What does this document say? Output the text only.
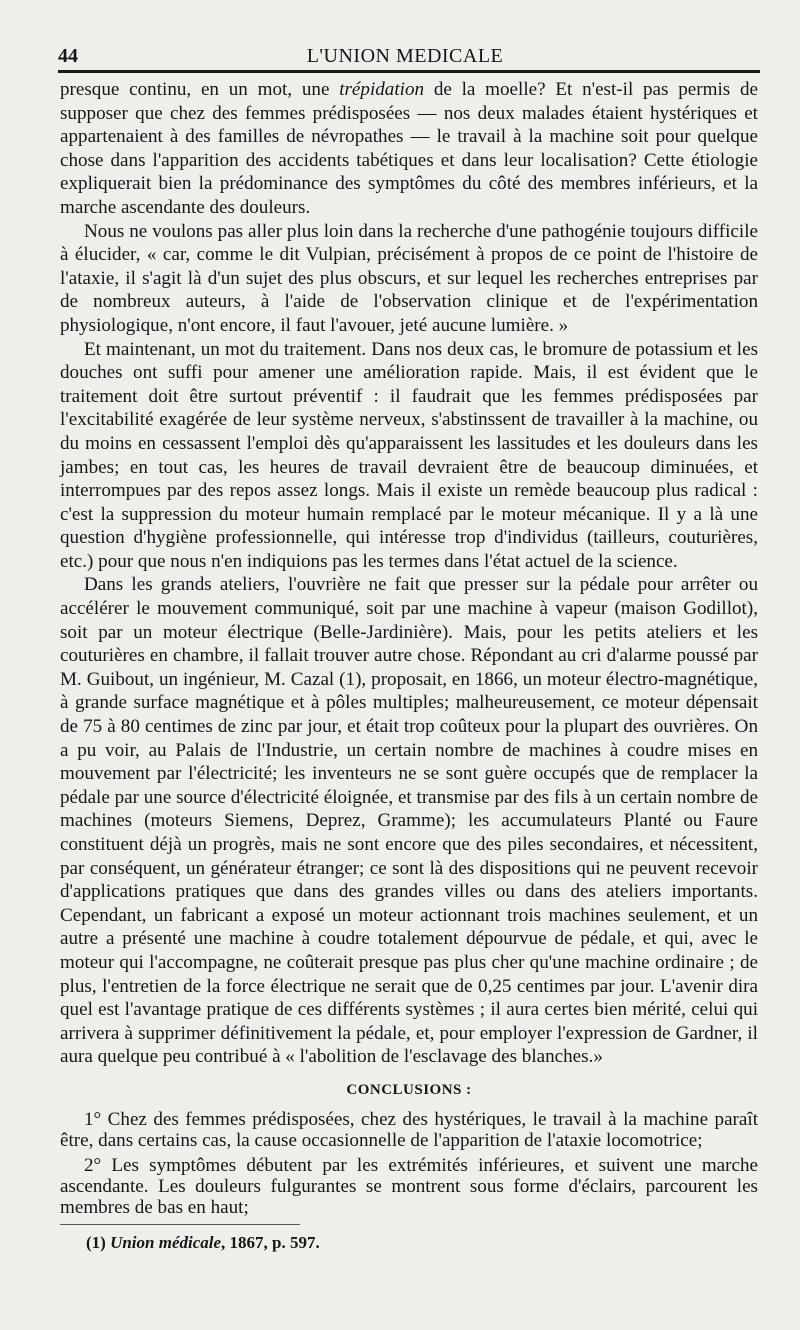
44	L'UNION MEDICALE

presque continu, en un mot, une trépidation de la moelle? Et n'est-il pas permis de supposer que chez des femmes prédisposées — nos deux malades étaient hystériques et appartenaient à des familles de névropathes — le travail à la machine soit pour quelque chose dans l'apparition des accidents tabétiques et dans leur localisation? Cette étiologie expliquerait bien la prédominance des symptômes du côté des membres inférieurs, et la marche ascendante des douleurs.

Nous ne voulons pas aller plus loin dans la recherche d'une pathogénie toujours difficile à élucider, « car, comme le dit Vulpian, précisément à propos de ce point de l'histoire de l'ataxie, il s'agit là d'un sujet des plus obscurs, et sur lequel les recherches entreprises par de nombreux auteurs, à l'aide de l'observation clinique et de l'expérimentation physiologique, n'ont encore, il faut l'avouer, jeté aucune lumière. »

Et maintenant, un mot du traitement. Dans nos deux cas, le bromure de potassium et les douches ont suffi pour amener une amélioration rapide. Mais, il est évident que le traitement doit être surtout préventif : il faudrait que les femmes prédisposées par l'excitabilité exagérée de leur système nerveux, s'abstinssent de travailler à la machine, ou du moins en cessassent l'emploi dès qu'apparaissent les lassitudes et les douleurs dans les jambes; en tout cas, les heures de travail devraient être de beaucoup diminuées, et interrompues par des repos assez longs. Mais il existe un remède beaucoup plus radical : c'est la suppression du moteur humain remplacé par le moteur mécanique. Il y a là une question d'hygiène professionnelle, qui intéresse trop d'individus (tailleurs, couturières, etc.) pour que nous n'en indiquions pas les termes dans l'état actuel de la science.

Dans les grands ateliers, l'ouvrière ne fait que presser sur la pédale pour arrêter ou accélérer le mouvement communiqué, soit par une machine à vapeur (maison Godillot), soit par un moteur électrique (Belle-Jardinière). Mais, pour les petits ateliers et les couturières en chambre, il fallait trouver autre chose. Répondant au cri d'alarme poussé par M. Guibout, un ingénieur, M. Cazal (1), proposait, en 1866, un moteur électro-magnétique, à grande surface magnétique et à pôles multiples; malheureusement, ce moteur dépensait de 75 à 80 centimes de zinc par jour, et était trop coûteux pour la plupart des ouvrières. On a pu voir, au Palais de l'Industrie, un certain nombre de machines à coudre mises en mouvement par l'électricité; les inventeurs ne se sont guère occupés que de remplacer la pédale par une source d'électricité éloignée, et transmise par des fils à un certain nombre de machines (moteurs Siemens, Deprez, Gramme); les accumulateurs Planté ou Faure constituent déjà un progrès, mais ne sont encore que des piles secondaires, et nécessitent, par conséquent, un générateur étranger; ce sont là des dispositions qui ne peuvent recevoir d'applications pratiques que dans des grandes villes ou dans des ateliers importants. Cependant, un fabricant a exposé un moteur actionnant trois machines seulement, et un autre a présenté une machine à coudre totalement dépourvue de pédale, et qui, avec le moteur qui l'accompagne, ne coûterait presque pas plus cher qu'une machine ordinaire ; de plus, l'entretien de la force électrique ne serait que de 0,25 centimes par jour. L'avenir dira quel est l'avantage pratique de ces différents systèmes ; il aura certes bien mérité, celui qui arrivera à supprimer définitivement la pédale, et, pour employer l'expression de Gardner, il aura quelque peu contribué à « l'abolition de l'esclavage des blanches.»

CONCLUSIONS :

1° Chez des femmes prédisposées, chez des hystériques, le travail à la machine paraît être, dans certains cas, la cause occasionnelle de l'apparition de l'ataxie locomotrice;

2° Les symptômes débutent par les extrémités inférieures, et suivent une marche ascendante. Les douleurs fulgurantes se montrent sous forme d'éclairs, parcourent les membres de bas en haut;

(1) Union médicale, 1867, p. 597.
